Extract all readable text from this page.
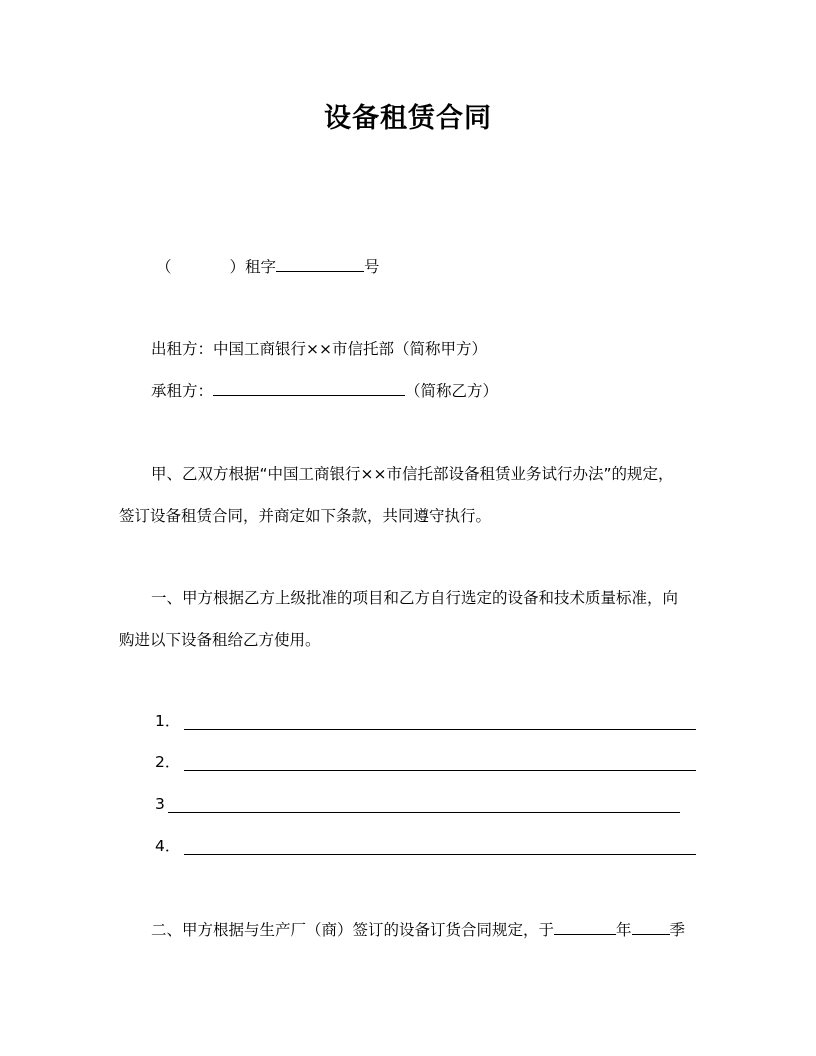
设备租赁合同
（	）租字	号
出租方：中国工商银行××市信托部（简称甲方）
承租方：	（简称乙方）
甲、乙双方根据“中国工商银行××市信托部设备租赁业务试行办法”的规定，
签订设备租赁合同，并商定如下条款，共同遵守执行。
一、甲方根据乙方上级批准的项目和乙方自行选定的设备和技术质量标准，向
购进以下设备租给乙方使用。
1．
2．
3
4．
二、甲方根据与生产厂（商）签订的设备订货合同规定，于	年 季
